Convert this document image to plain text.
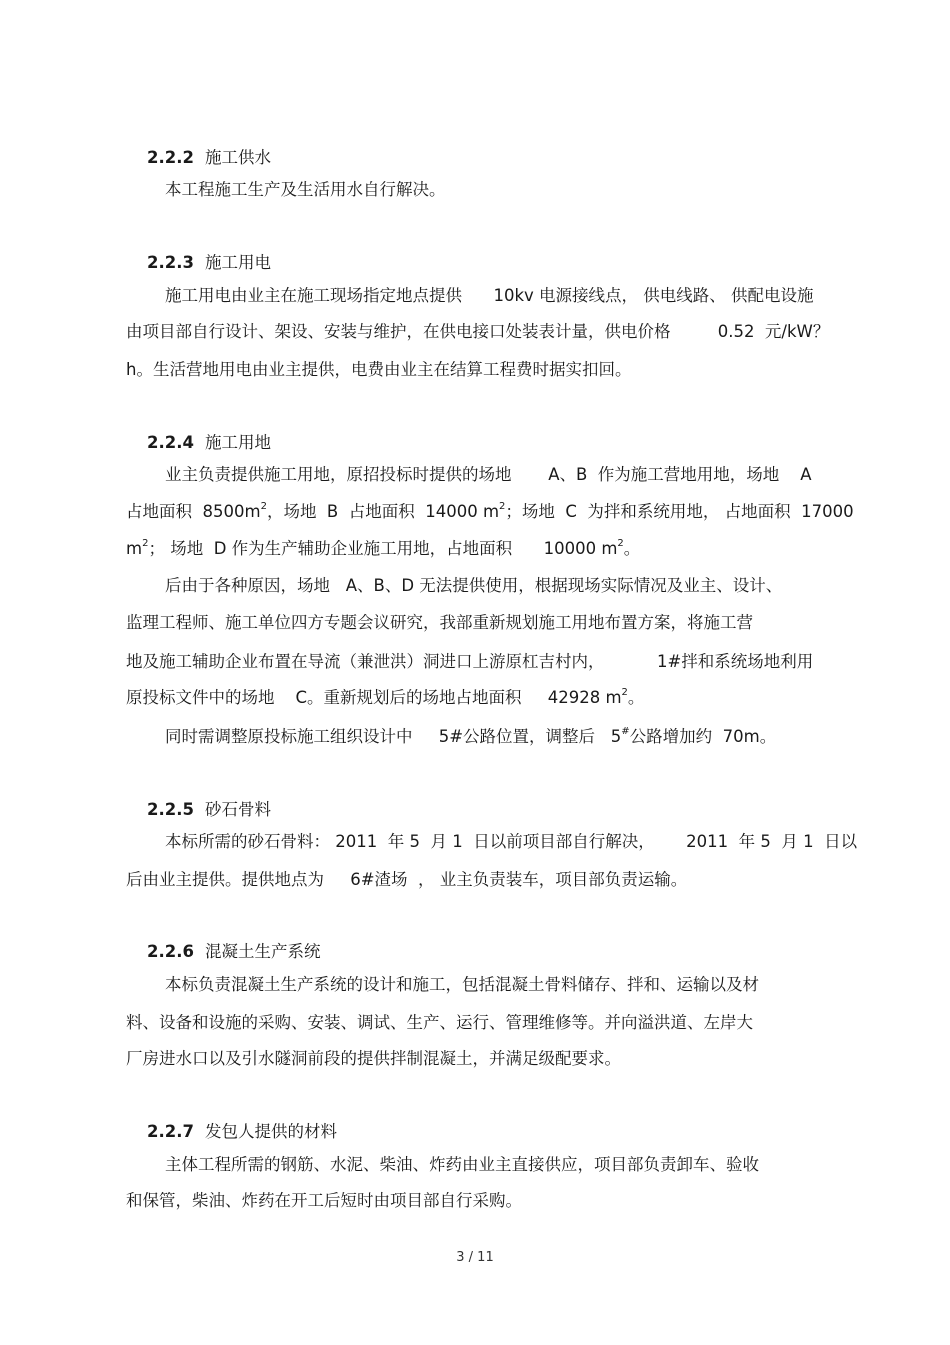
2.2.2 施工供水

本工程施工生产及生活用水自行解决。

2.2.3 施工用电

施工用电由业主在施工现场指定地点提供      10kv 电源接线点， 供电线路、 供配电设施
由项目部自行设计、架设、安装与维护，在供电接口处装表计量，供电价格         0.52  元/kW？
h。生活营地用电由业主提供，电费由业主在结算工程费时据实扣回。

2.2.4 施工用地

业主负责提供施工用地，原招投标时提供的场地       A、B  作为施工营地用地，场地    A
占地面积  $8500m^2$，场地  B  占地面积  14000 $m^2$；场地  C  为拌和系统用地， 占地面积  17000
$m^2$； 场地  D 作为生产辅助企业施工用地，占地面积      10000 $m^2$。
后由于各种原因，场地   A、B、D 无法提供使用，根据现场实际情况及业主、设计、
监理工程师、施工单位四方专题会议研究，我部重新规划施工用地布置方案，将施工营
地及施工辅助企业布置在导流（兼泄洪）洞进口上游原杠吉村内，          1#拌和系统场地利用
原投标文件中的场地    C。重新规划后的场地占地面积     42928 $m^2$。
同时需调整原投标施工组织设计中     5#公路位置，调整后   5#公路增加约  70m。

2.2.5 砂石骨料

本标所需的砂石骨料： 2011  年 5  月 1  日以前项目部自行解决，      2011  年 5  月 1  日以
后由业主提供。提供地点为     6#渣场  ， 业主负责装车，项目部负责运输。

2.2.6 混凝土生产系统

本标负责混凝土生产系统的设计和施工，包括混凝土骨料储存、拌和、运输以及材
料、设备和设施的采购、安装、调试、生产、运行、管理维修等。并向溢洪道、左岸大
厂房进水口以及引水隧洞前段的提供拌制混凝土，并满足级配要求。

2.2.7 发包人提供的材料

主体工程所需的钢筋、水泥、柴油、炸药由业主直接供应，项目部负责卸车、验收
和保管，柴油、炸药在开工后短时由项目部自行采购。
3 / 11
